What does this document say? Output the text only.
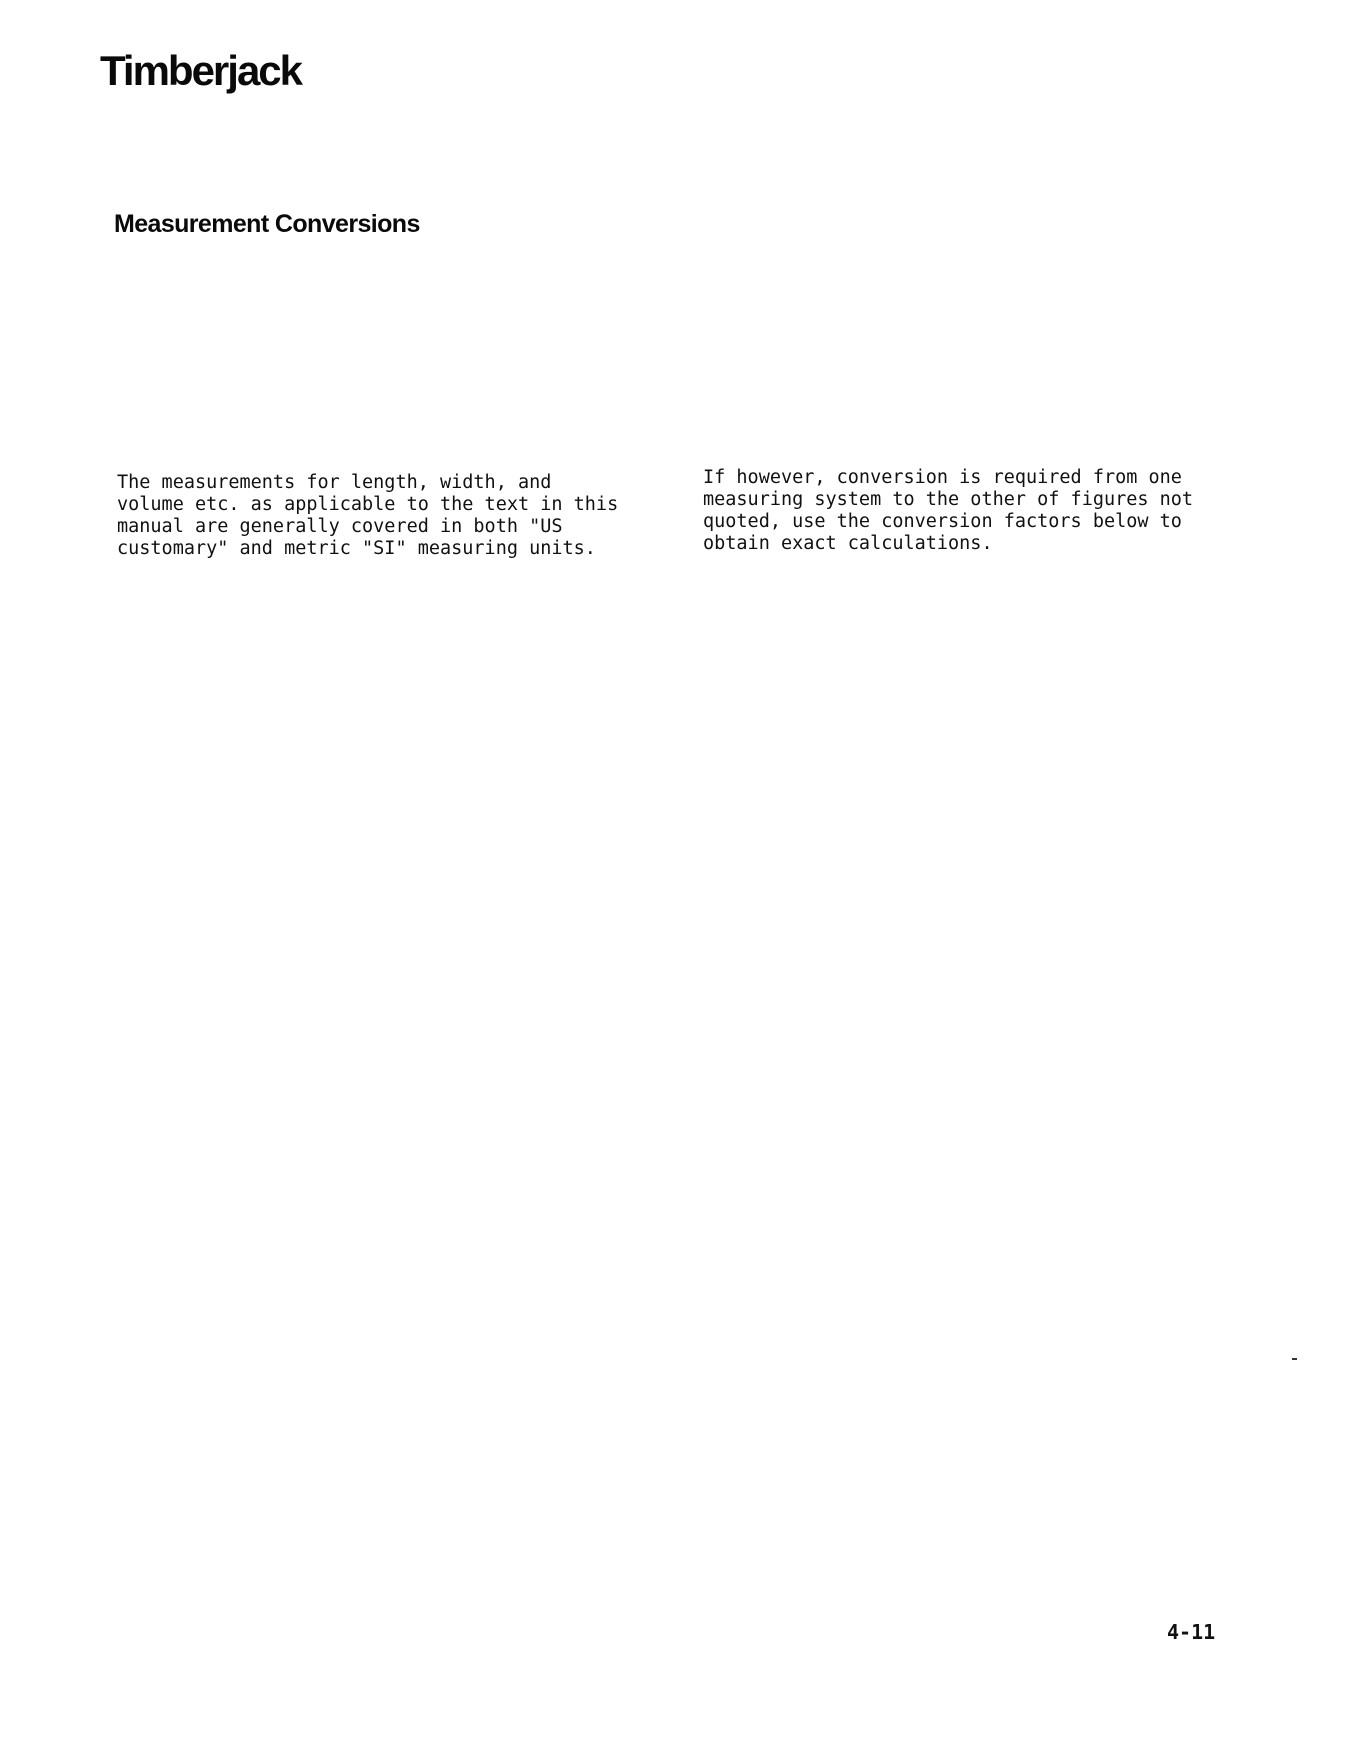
Timberjack
Measurement Conversions
The measurements for length, width, and
volume etc. as applicable to the text in this
manual are generally covered in both "US
customary" and metric "SI" measuring units.
If however, conversion is required from one
measuring system to the other of figures not
quoted, use the conversion factors below to
obtain exact calculations.
4-11
